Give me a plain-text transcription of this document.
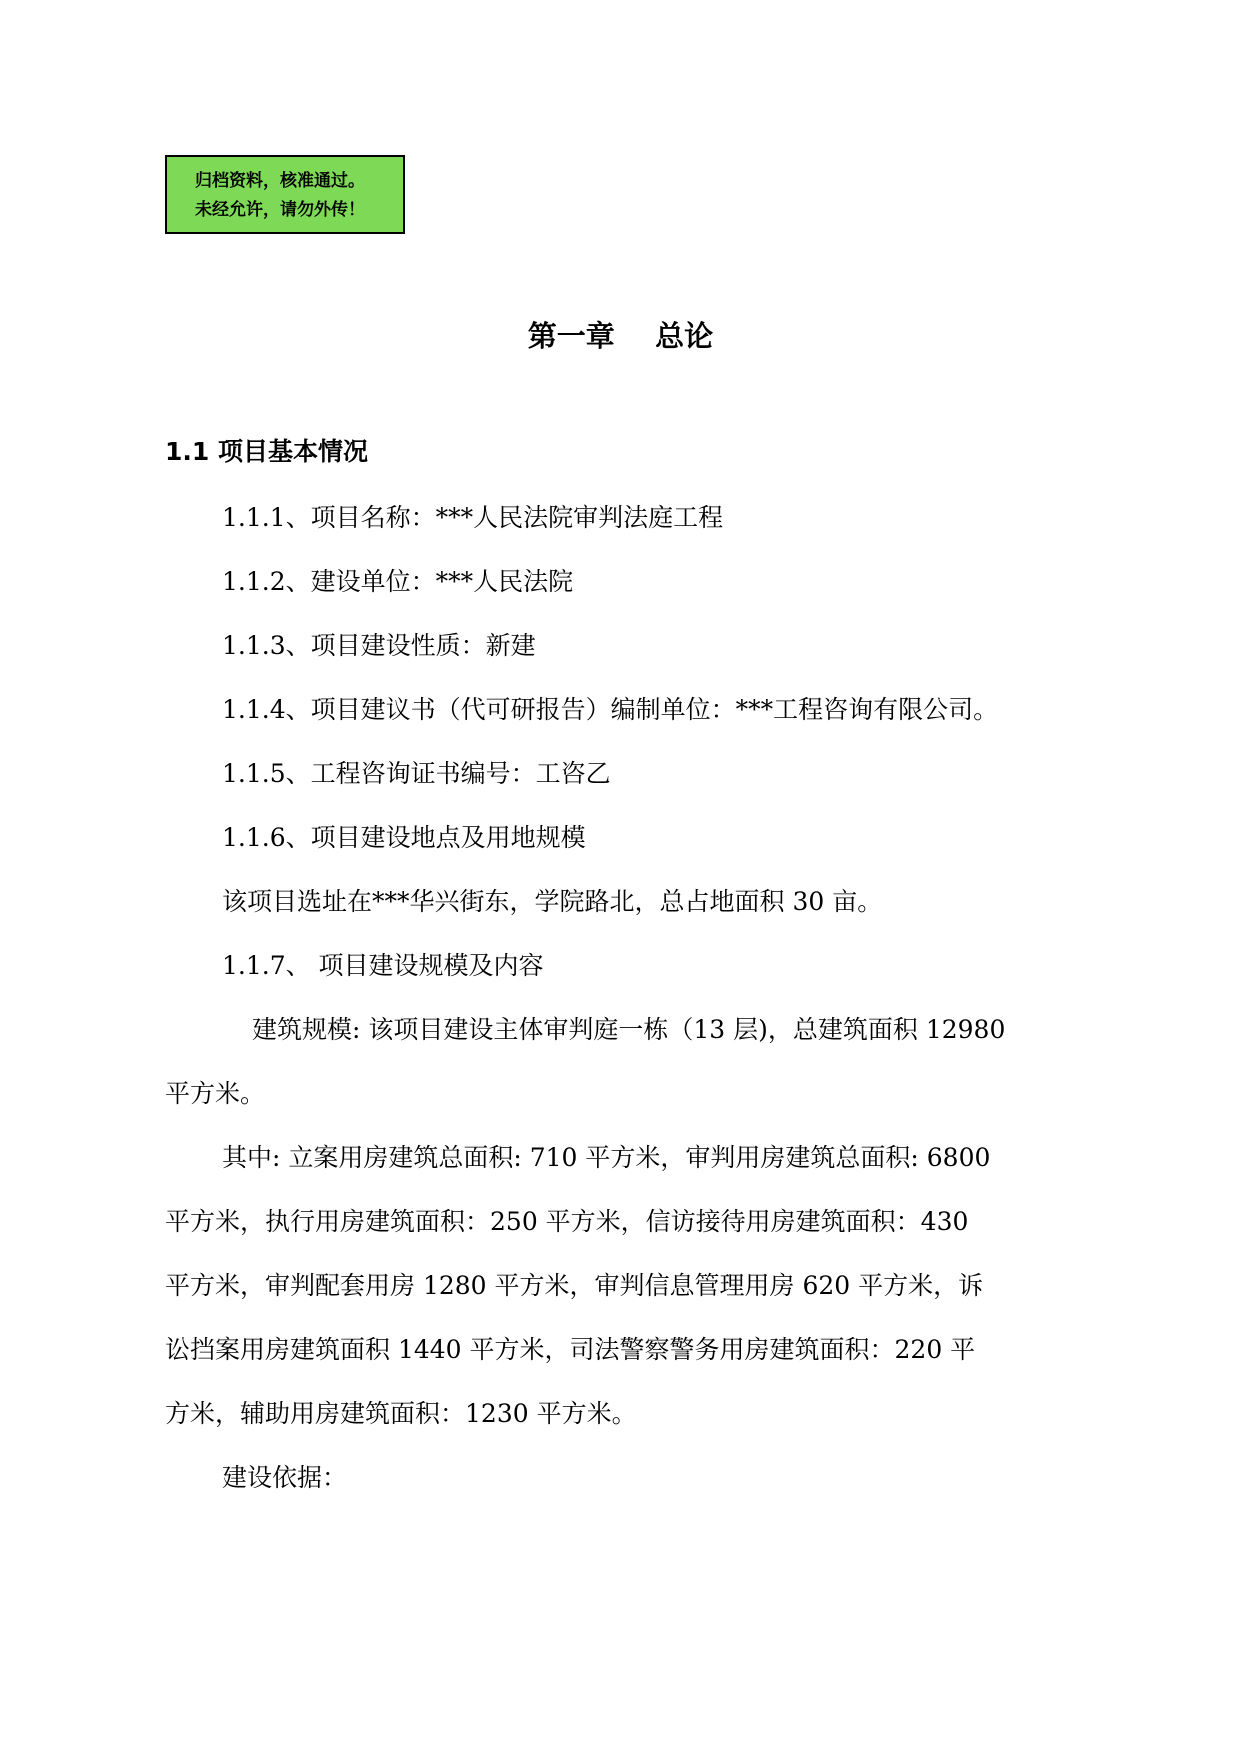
归档资料，核准通过。
未经允许，请勿外传！
第一章    总论
1.1 项目基本情况
1.1.1、项目名称：***人民法院审判法庭工程
1.1.2、建设单位：***人民法院
1.1.3、项目建设性质：新建
1.1.4、项目建议书（代可研报告）编制单位：***工程咨询有限公司。
1.1.5、工程咨询证书编号：工咨乙
1.1.6、项目建设地点及用地规模
该项目选址在***华兴街东，学院路北，总占地面积 30 亩。
1.1.7、 项目建设规模及内容
建筑规模: 该项目建设主体审判庭一栋（13 层)，总建筑面积 12980
平方米。
其中: 立案用房建筑总面积: 710 平方米，审判用房建筑总面积: 6800
平方米，执行用房建筑面积：250 平方米，信访接待用房建筑面积：430
平方米，审判配套用房 1280 平方米，审判信息管理用房 620 平方米，诉
讼挡案用房建筑面积 1440 平方米，司法警察警务用房建筑面积：220 平
方米，辅助用房建筑面积：1230 平方米。
建设依据：
